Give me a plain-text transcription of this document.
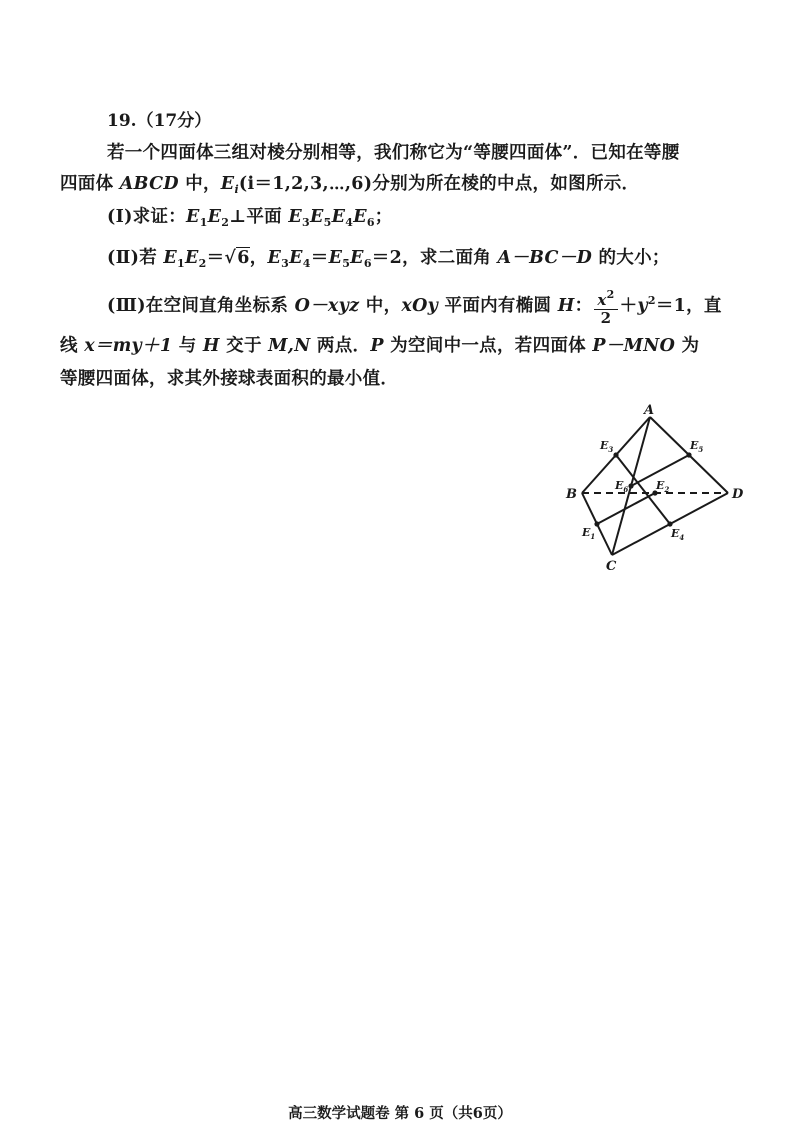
19.（17分）
若一个四面体三组对棱分别相等，我们称它为“等腰四面体”．已知在等腰
四面体 ABCD 中，$E_i(i=1,2,3,\cdots,6)$分别为所在棱的中点，如图所示．
(Ⅰ)求证：$E_1E_2\perp$平面 $E_3E_5E_4E_6$；
(Ⅱ)若 $E_1E_2=√6$，$E_3E_4=E_5E_6=2$，求二面角 A－BC－D 的大小；
(Ⅲ)在空间直角坐标系 O－xyz 中，xOy 平面内有椭圆 H： $\frac{x^2}{2} +y^2=1$，直
线 x＝my＋1 与 H 交于 M,N 两点．P 为空间中一点，若四面体 P－MNO 为
等腰四面体，求其外接球表面积的最小值．
A
B
C
D
$E_1$
$E_2$
$E_3$
$E_4$
$E_5$
$E_6$
高三数学试题卷 第 6 页（共6页）
